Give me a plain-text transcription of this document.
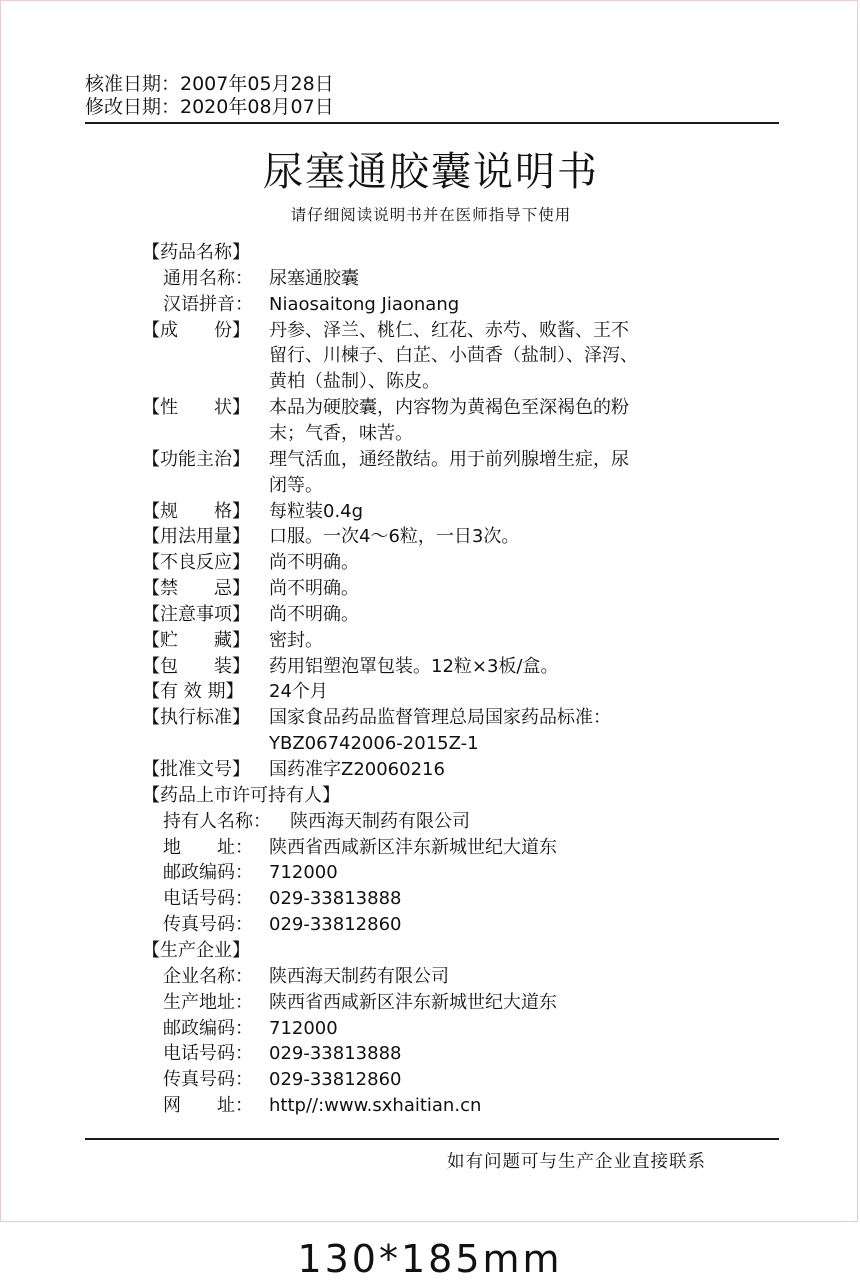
核准日期：2007年05月28日
修改日期：2020年08月07日
尿塞通胶囊说明书
请仔细阅读说明书并在医师指导下使用
【药品名称】
通用名称： 尿塞通胶囊
汉语拼音： Niaosaitong Jiaonang
【成　　份】 丹参、泽兰、桃仁、红花、赤芍、败酱、王不
留行、川楝子、白芷、小茴香（盐制）、泽泻、
黄柏（盐制）、陈皮。
【性　　状】 本品为硬胶囊，内容物为黄褐色至深褐色的粉
末；气香，味苦。
【功能主治】 理气活血，通经散结。用于前列腺增生症，尿
闭等。
【规　　格】 每粒装0.4g
【用法用量】 口服。一次4～6粒，一日3次。
【不良反应】 尚不明确。
【禁　　忌】 尚不明确。
【注意事项】 尚不明确。
【贮　　藏】 密封。
【包　　装】 药用铝塑泡罩包装。12粒×3板/盒。
【有 效 期】 24个月
【执行标准】 国家食品药品监督管理总局国家药品标准：
YBZ06742006-2015Z-1
【批准文号】 国药准字Z20060216
【药品上市许可持有人】
持有人名称： 陕西海天制药有限公司
地　　址： 陕西省西咸新区沣东新城世纪大道东
邮政编码： 712000
电话号码： 029-33813888
传真号码： 029-33812860
【生产企业】
企业名称： 陕西海天制药有限公司
生产地址： 陕西省西咸新区沣东新城世纪大道东
邮政编码： 712000
电话号码： 029-33813888
传真号码： 029-33812860
网　　址： http//:www.sxhaitian.cn
如有问题可与生产企业直接联系
130*185mm
